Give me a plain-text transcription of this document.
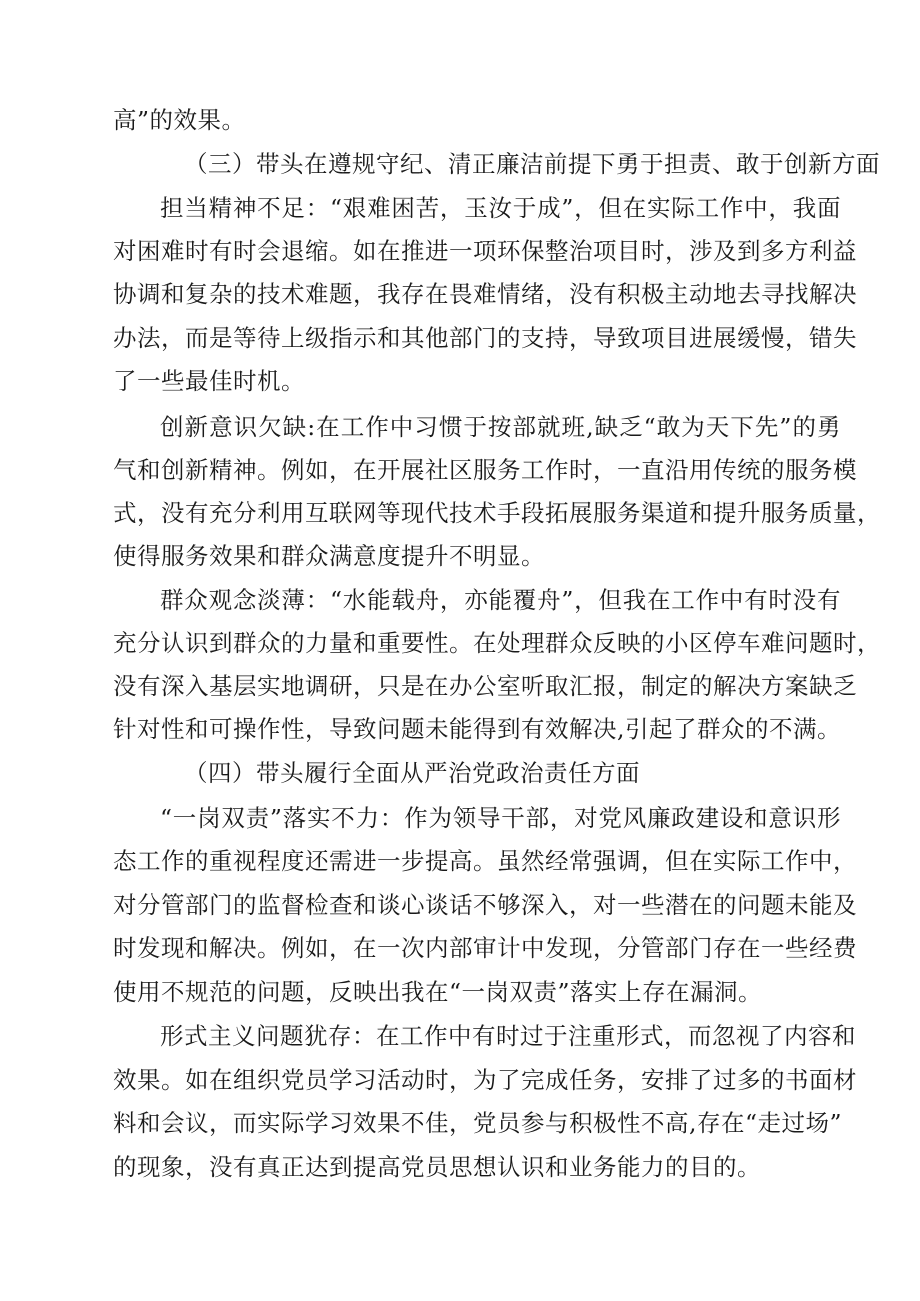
高”的效果。
（三）带头在遵规守纪、清正廉洁前提下勇于担责、敢于创新方面
担当精神不足：“艰难困苦，玉汝于成”，但在实际工作中，我面
对困难时有时会退缩。如在推进一项环保整治项目时，涉及到多方利益
协调和复杂的技术难题，我存在畏难情绪，没有积极主动地去寻找解决
办法，而是等待上级指示和其他部门的支持，导致项目进展缓慢，错失
了一些最佳时机。
创新意识欠缺:在工作中习惯于按部就班,缺乏“敢为天下先”的勇
气和创新精神。例如，在开展社区服务工作时，一直沿用传统的服务模
式，没有充分利用互联网等现代技术手段拓展服务渠道和提升服务质量，
使得服务效果和群众满意度提升不明显。
群众观念淡薄：“水能载舟，亦能覆舟”，但我在工作中有时没有
充分认识到群众的力量和重要性。在处理群众反映的小区停车难问题时，
没有深入基层实地调研，只是在办公室听取汇报，制定的解决方案缺乏
针对性和可操作性，导致问题未能得到有效解决,引起了群众的不满。
（四）带头履行全面从严治党政治责任方面
“一岗双责”落实不力：作为领导干部，对党风廉政建设和意识形
态工作的重视程度还需进一步提高。虽然经常强调，但在实际工作中，
对分管部门的监督检查和谈心谈话不够深入，对一些潜在的问题未能及
时发现和解决。例如，在一次内部审计中发现，分管部门存在一些经费
使用不规范的问题，反映出我在“一岗双责”落实上存在漏洞。
形式主义问题犹存：在工作中有时过于注重形式，而忽视了内容和
效果。如在组织党员学习活动时，为了完成任务，安排了过多的书面材
料和会议，而实际学习效果不佳，党员参与积极性不高,存在“走过场”
的现象，没有真正达到提高党员思想认识和业务能力的目的。
